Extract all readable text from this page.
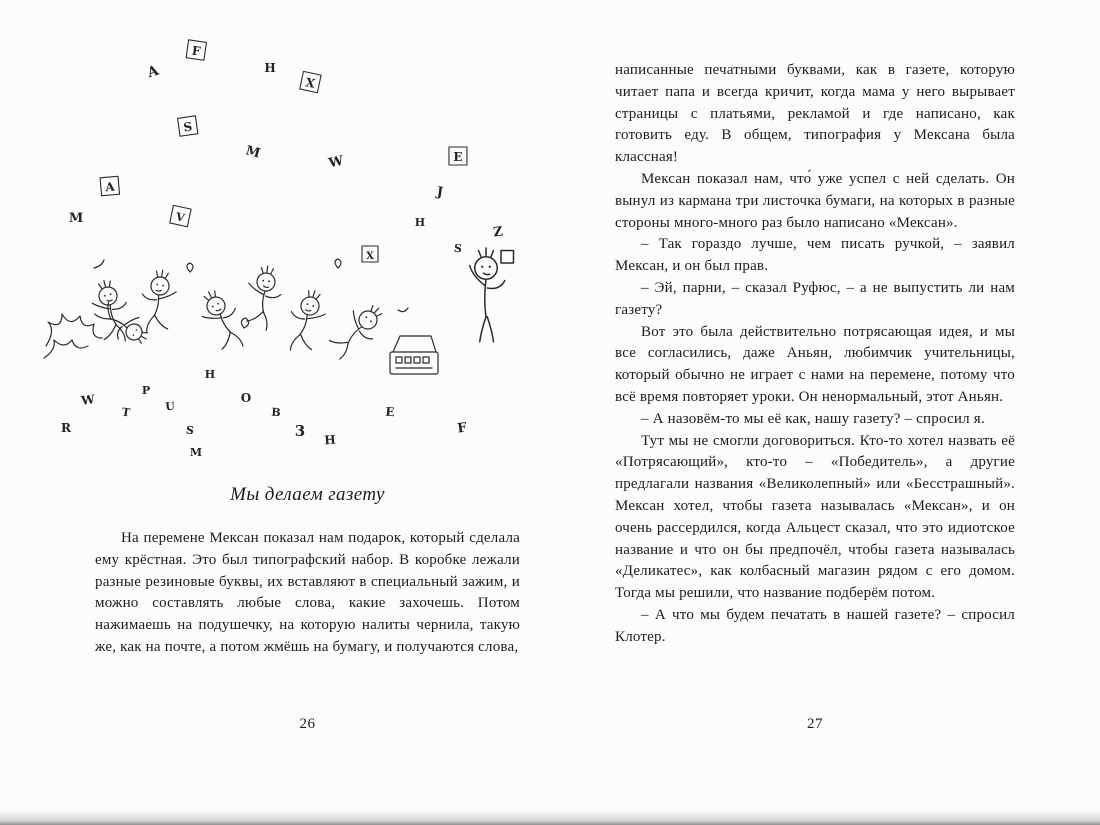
A
F
H
X
S
M	E
W
J
A
M	V
Z
S
H
R
W
T
P
U
S
M
H
O
B
3 H
E
F
X
Мы делаем газету

На перемене Мексан показал нам подарок, который сделала ему крёстная. Это был типографский набор. В коробке лежали разные резиновые буквы, их вставляют в специальный зажим, и можно составлять любые слова, какие захочешь. Потом нажимаешь на подушечку, на которую налиты чернила, такую же, как на почте, а потом жмёшь на бумагу, и получаются слова,

26

написанные печатными буквами, как в газете, которую читает папа и всегда кричит, когда мама у него вырывает страницы с платьями, рекламой и где написано, как готовить еду. В общем, типография у Мексана была классная!

Мексан показал нам, что́ уже успел с ней сделать. Он вынул из кармана три листочка бумаги, на которых в разные стороны много-много раз было написано «Мексан».

– Так гораздо лучше, чем писать ручкой, – заявил Мексан, и он был прав.

– Эй, парни, – сказал Руфюс, – а не выпустить ли нам газету?

Вот это была действительно потрясающая идея, и мы все согласились, даже Аньян, любимчик учительницы, который обычно не играет с нами на перемене, потому что всё время повторяет уроки. Он ненормальный, этот Аньян.

– А назовём-то мы её как, нашу газету? – спросил я.

Тут мы не смогли договориться. Кто-то хотел назвать её «Потрясающий», кто-то – «Победитель», а другие предлагали названия «Великолепный» или «Бесстрашный». Мексан хотел, чтобы газета называлась «Мексан», и он очень рассердился, когда Альцест сказал, что это идиотское название и что он бы предпочёл, чтобы газета называлась «Деликатес», как колбасный магазин рядом с его домом. Тогда мы решили, что название подберём потом.

– А что мы будем печатать в нашей газете? – спросил Клотер.

27
